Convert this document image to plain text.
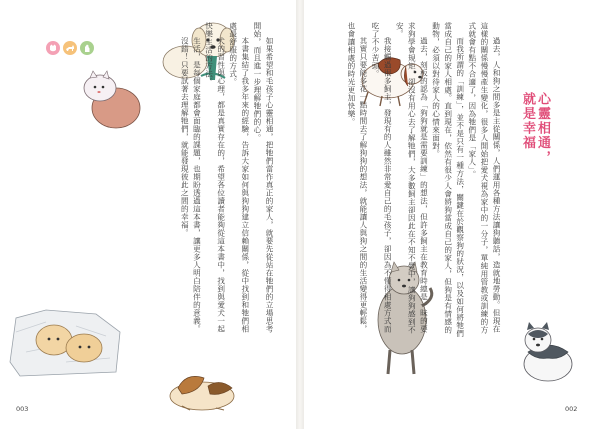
心靈相通，
就是幸福

過去，人和狗之間多是主從關係，人們運用各種方法讓狗聽話，造就地勞動。但現在這樣的關係慢慢產生變化，很多人開始把愛犬視為家中的一分子，單純用管教或訓練的方式就會有點不合適了，因為牠們是「家人」。

而我所謂的「訓練」，並不是只有一種方法，關鍵在於觀察狗的狀況，以及如何將牠們當成自己的家人相處。直到現在，依然有很少人會將狗當成自己的家人，但狗是有情感的動物，必須以對待家人的心情來面對。

過去，刻板的認為「狗狗就是需要訓練」的想法，但許多飼主在教育時總是一昧的要求狗學會規矩，卻沒有用心去了解牠們，大多數飼主卻因此在不知不覺中，讓狗狗感到不安。

我接觸過很多飼主，發現有的人雖然非常愛自己的毛孩子，卻因為不懂得相處方式而吃了不少苦頭。

其實只要能多花一點時間去了解狗狗的想法，就能讓人與狗之間的生活變得更輕鬆，也會讓相處的時光更加快樂。

如果希望和毛孩子心靈相通，把牠們當作真正的家人，就要先從站在牠們的立場思考開始，而且進一步理解牠們的心。

本書集結了我多年來的經驗，告訴大家如何與狗狗建立信賴關係，從中找到和牠們相處最舒服的方式。

犬的習性與心理，都是真實存在的，希望各位讀者能夠從這本書中，找到與愛犬一起快樂生活的方法。

生活，是每個家庭都會面臨的課題，也期盼透過這本書，讓更多人明白陪伴的意義。

沒錯！只要試著去理解牠們，就能發現彼此之間的幸福。

003	002
